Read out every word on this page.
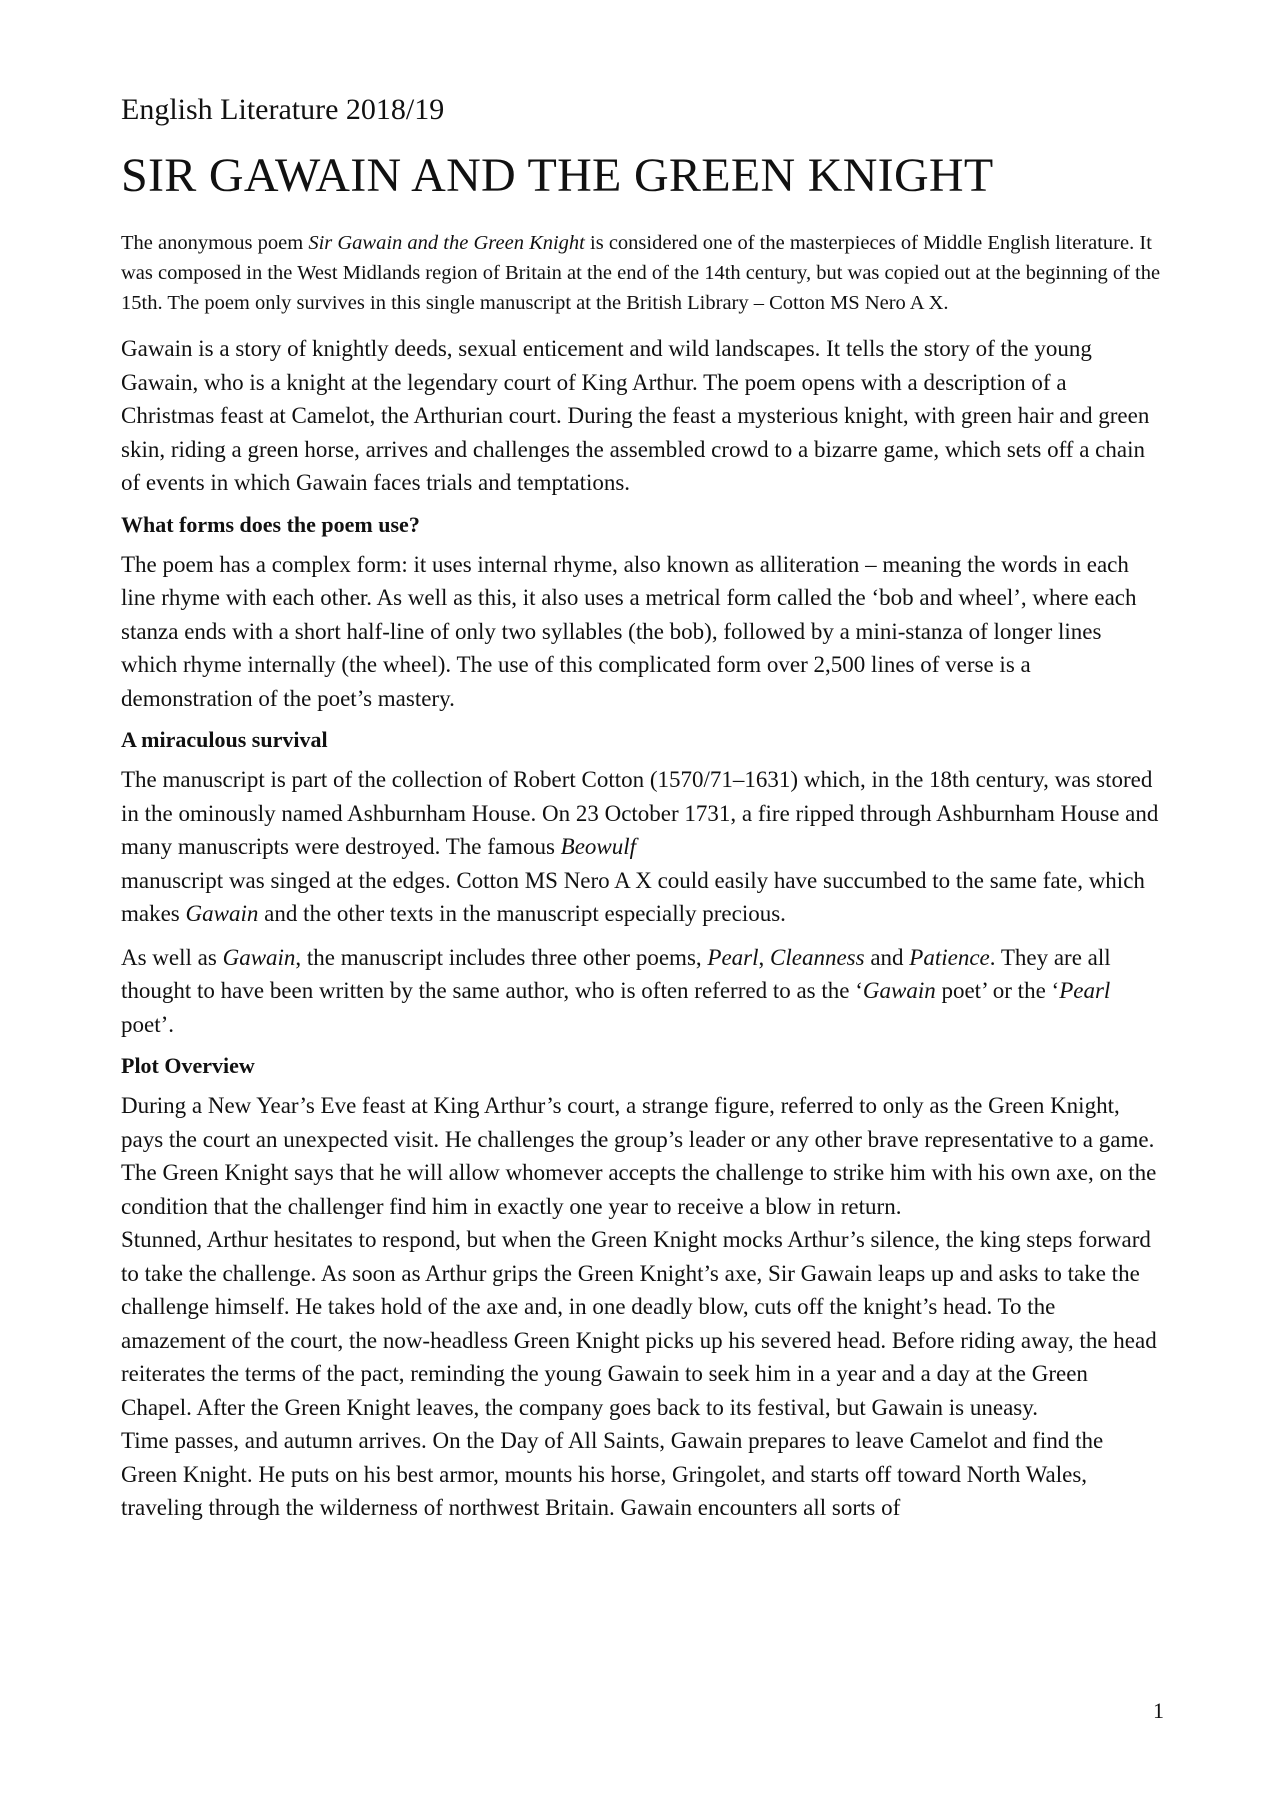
English Literature 2018/19
SIR GAWAIN AND THE GREEN KNIGHT

The anonymous poem Sir Gawain and the Green Knight is considered one of the masterpieces of Middle English literature. It was composed in the West Midlands region of Britain at the end of the 14th century, but was copied out at the beginning of the 15th. The poem only survives in this single manuscript at the British Library – Cotton MS Nero A X.

Gawain is a story of knightly deeds, sexual enticement and wild landscapes. It tells the story of the young Gawain, who is a knight at the legendary court of King Arthur. The poem opens with a description of a Christmas feast at Camelot, the Arthurian court. During the feast a mysterious knight, with green hair and green skin, riding a green horse, arrives and challenges the assembled crowd to a bizarre game, which sets off a chain of events in which Gawain faces trials and temptations.

What forms does the poem use?

The poem has a complex form: it uses internal rhyme, also known as alliteration – meaning the words in each line rhyme with each other. As well as this, it also uses a metrical form called the ‘bob and wheel’, where each stanza ends with a short half-line of only two syllables (the bob), followed by a mini-stanza of longer lines which rhyme internally (the wheel). The use of this complicated form over 2,500 lines of verse is a demonstration of the poet’s mastery.

A miraculous survival

The manuscript is part of the collection of Robert Cotton (1570/71–1631) which, in the 18th century, was stored in the ominously named Ashburnham House. On 23 October 1731, a fire ripped through Ashburnham House and many manuscripts were destroyed. The famous Beowulf
manuscript was singed at the edges. Cotton MS Nero A X could easily have succumbed to the same fate, which makes Gawain and the other texts in the manuscript especially precious.

As well as Gawain, the manuscript includes three other poems, Pearl, Cleanness and Patience. They are all thought to have been written by the same author, who is often referred to as the ‘Gawain poet’ or the ‘Pearl poet’.

Plot Overview

During a New Year’s Eve feast at King Arthur’s court, a strange figure, referred to only as the Green Knight, pays the court an unexpected visit. He challenges the group’s leader or any other brave representative to a game. The Green Knight says that he will allow whomever accepts the challenge to strike him with his own axe, on the condition that the challenger find him in exactly one year to receive a blow in return.

Stunned, Arthur hesitates to respond, but when the Green Knight mocks Arthur’s silence, the king steps forward to take the challenge. As soon as Arthur grips the Green Knight’s axe, Sir Gawain leaps up and asks to take the challenge himself. He takes hold of the axe and, in one deadly blow, cuts off the knight’s head. To the amazement of the court, the now-headless Green Knight picks up his severed head. Before riding away, the head reiterates the terms of the pact, reminding the young Gawain to seek him in a year and a day at the Green Chapel. After the Green Knight leaves, the company goes back to its festival, but Gawain is uneasy.

Time passes, and autumn arrives. On the Day of All Saints, Gawain prepares to leave Camelot and find the Green Knight. He puts on his best armor, mounts his horse, Gringolet, and starts off toward North Wales, traveling through the wilderness of northwest Britain. Gawain encounters all sorts of

1
